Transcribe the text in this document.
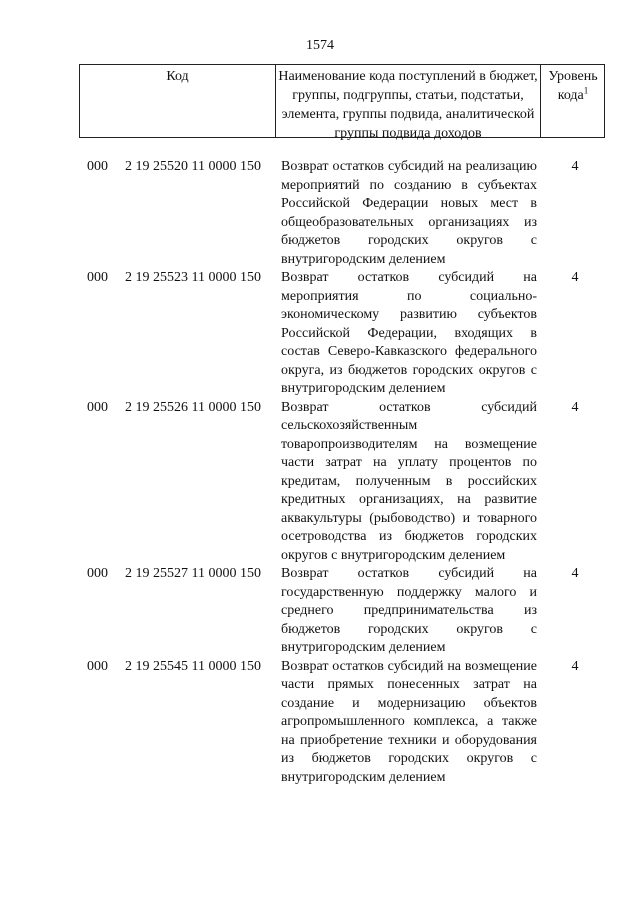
1574
Код	Наименование кода поступлений в бюджет, группы, подгруппы, статьи, подстатьи, элемента, группы подвида, аналитической группы подвида доходов
Уровень кода$^1$
000 2 19 25520 11 0000 150 Возврат остатков субсидий на реализацию мероприятий по созданию в субъектах Российской Федерации новых мест в общеобразовательных организациях из бюджетов городских округов с внутригородским делением
4
000 2 19 25523 11 0000 150 Возврат остатков субсидий на мероприятия по социально-экономическому развитию субъектов Российской Федерации, входящих в состав Северо-Кавказского федерального округа, из бюджетов городских округов с внутригородским делением
4
000 2 19 25526 11 0000 150 Возврат остатков субсидий сельскохозяйственным товаропроизводителям на возмещение части затрат на уплату процентов по кредитам, полученным в российских кредитных организациях, на развитие аквакультуры (рыбоводство) и товарного осетроводства из бюджетов городских округов с внутригородским делением
4
000 2 19 25527 11 0000 150 Возврат остатков субсидий на государственную поддержку малого и среднего предпринимательства из бюджетов городских округов с внутригородским делением
4
000 2 19 25545 11 0000 150 Возврат остатков субсидий на возмещение части прямых понесенных затрат на создание и модернизацию объектов агропромышленного комплекса, а также на приобретение техники и оборудования из бюджетов городских округов с внутригородским делением
4
